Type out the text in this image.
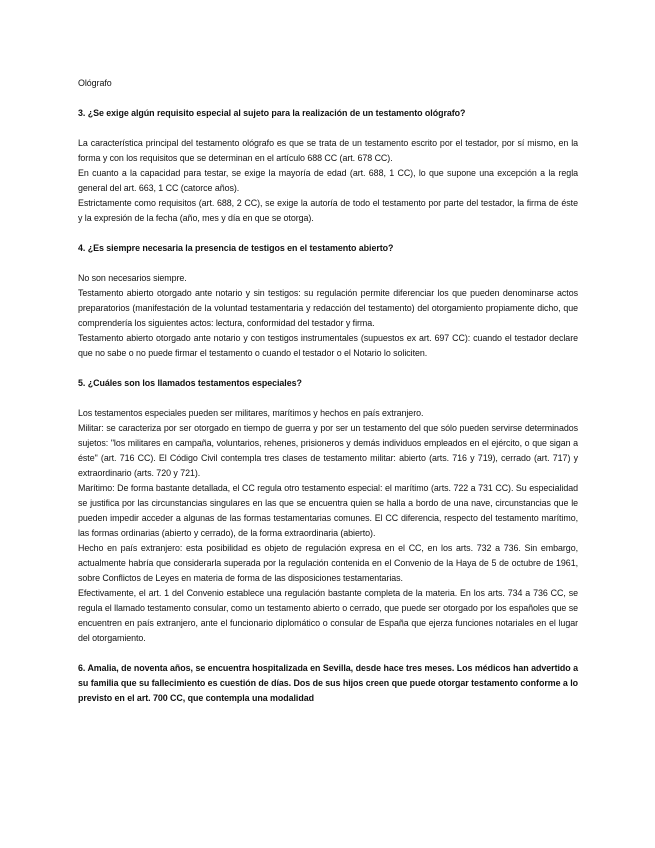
Ológrafo

3. ¿Se exige algún requisito especial al sujeto para la realización de un testamento ológrafo?

La característica principal del testamento ológrafo es que se trata de un testamento escrito por el testador, por sí mismo, en la forma y con los requisitos que se determinan en el artículo 688 CC (art. 678 CC).

En cuanto a la capacidad para testar, se exige la mayoría de edad (art. 688, 1 CC), lo que supone una excepción a la regla general del art. 663, 1 CC (catorce años).

Estrictamente como requisitos (art. 688, 2 CC), se exige la autoría de todo el testamento por parte del testador, la firma de éste y la expresión de la fecha (año, mes y día en que se otorga).

4. ¿Es siempre necesaria la presencia de testigos en el testamento abierto?

No son necesarios siempre.

Testamento abierto otorgado ante notario y sin testigos: su regulación permite diferenciar los que pueden denominarse actos preparatorios (manifestación de la voluntad testamentaria y redacción del testamento) del otorgamiento propiamente dicho, que comprendería los siguientes actos: lectura, conformidad del testador y firma.

Testamento abierto otorgado ante notario y con testigos instrumentales (supuestos ex art. 697 CC): cuando el testador declare que no sabe o no puede firmar el testamento o cuando el testador o el Notario lo soliciten.

5. ¿Cuáles son los llamados testamentos especiales?

Los testamentos especiales pueden ser militares, marítimos y hechos en país extranjero.

Militar: se caracteriza por ser otorgado en tiempo de guerra y por ser un testamento del que sólo pueden servirse determinados sujetos: "los militares en campaña, voluntarios, rehenes, prisioneros y demás individuos empleados en el ejército, o que sigan a éste" (art. 716 CC). El Código Civil contempla tres clases de testamento militar: abierto (arts. 716 y 719), cerrado (art. 717) y extraordinario (arts. 720 y 721).

Marítimo: De forma bastante detallada, el CC regula otro testamento especial: el marítimo (arts. 722 a 731 CC). Su especialidad se justifica por las circunstancias singulares en las que se encuentra quien se halla a bordo de una nave, circunstancias que le pueden impedir acceder a algunas de las formas testamentarias comunes. El CC diferencia, respecto del testamento marítimo, las formas ordinarias (abierto y cerrado), de la forma extraordinaria (abierto).

Hecho en país extranjero: esta posibilidad es objeto de regulación expresa en el CC, en los arts. 732 a 736. Sin embargo, actualmente habría que considerarla superada por la regulación contenida en el Convenio de la Haya de 5 de octubre de 1961, sobre Conflictos de Leyes en materia de forma de las disposiciones testamentarias.

Efectivamente, el art. 1 del Convenio establece una regulación bastante completa de la materia. En los arts. 734 a 736 CC, se regula el llamado testamento consular, como un testamento abierto o cerrado, que puede ser otorgado por los españoles que se encuentren en país extranjero, ante el funcionario diplomático o consular de España que ejerza funciones notariales en el lugar del otorgamiento.

6. Amalia, de noventa años, se encuentra hospitalizada en Sevilla, desde hace tres meses. Los médicos han advertido a su familia que su fallecimiento es cuestión de días. Dos de sus hijos creen que puede otorgar testamento conforme a lo previsto en el art. 700 CC, que contempla una modalidad
